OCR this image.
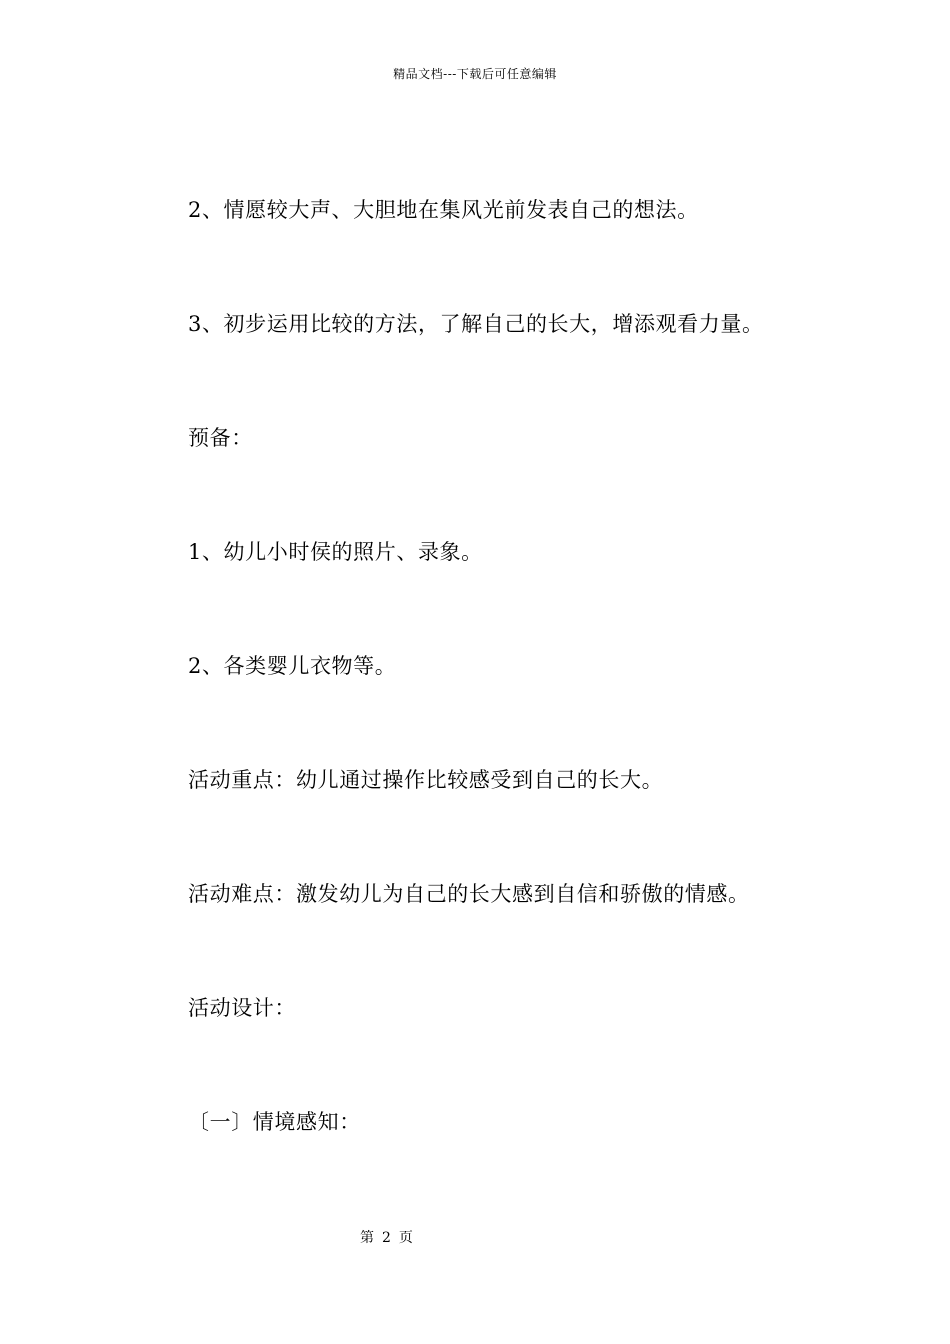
精品文档---下载后可任意编辑
2、情愿较大声、大胆地在集风光前发表自己的想法。
3、初步运用比较的方法，了解自己的长大，增添观看力量。
预备：
1、幼儿小时侯的照片、录象。
2、各类婴儿衣物等。
活动重点：幼儿通过操作比较感受到自己的长大。
活动难点：激发幼儿为自己的长大感到自信和骄傲的情感。
活动设计：
〔一〕情境感知：
第 2 页
